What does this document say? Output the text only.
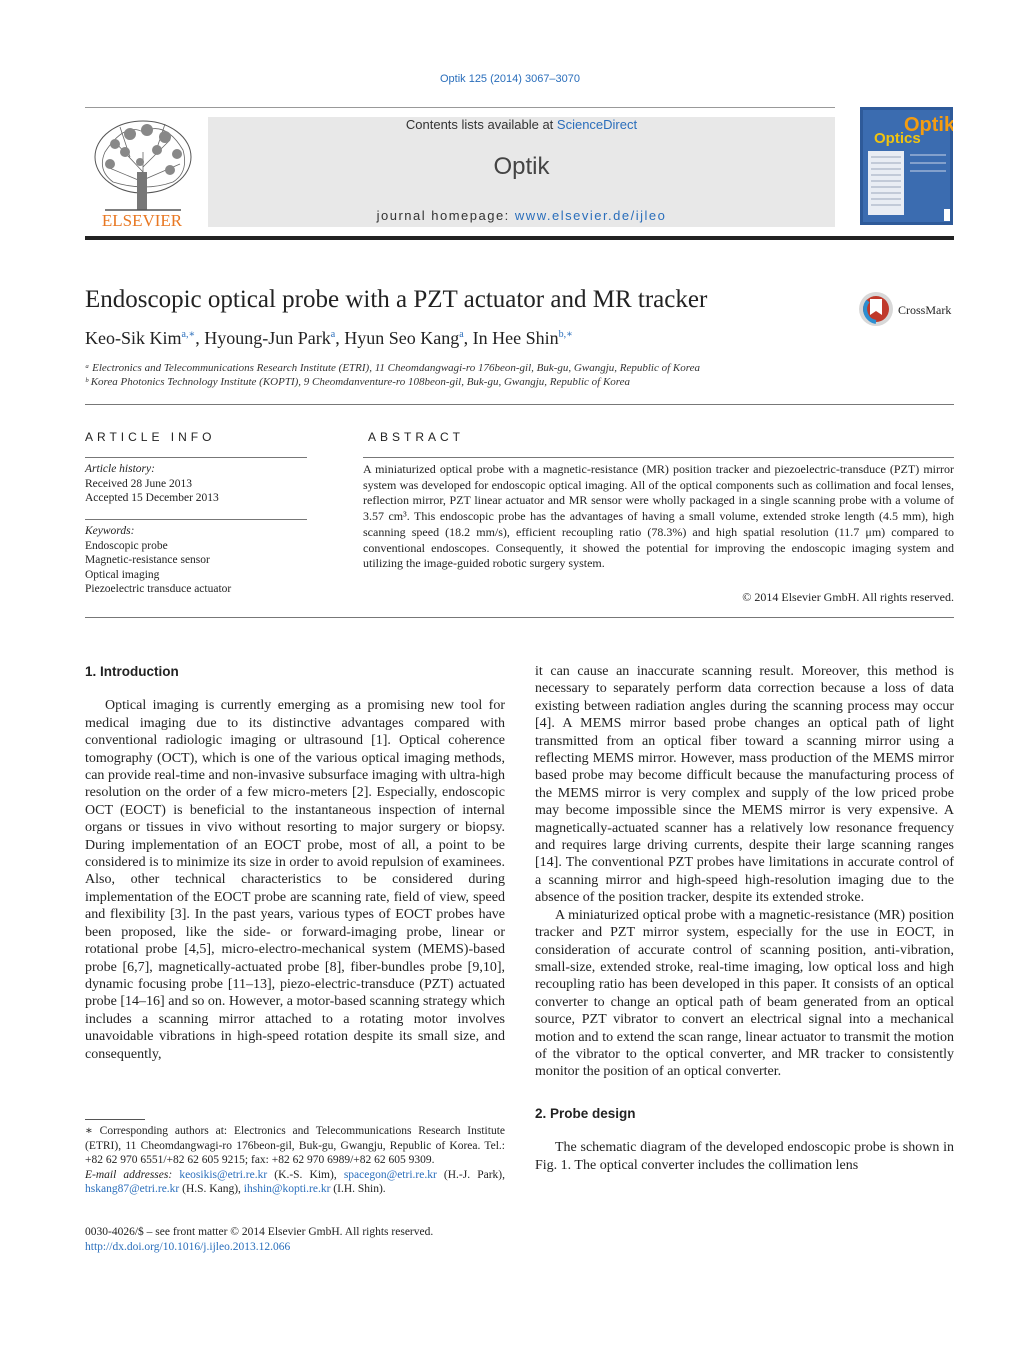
Optik 125 (2014) 3067–3070
ELSEVIER
Contents lists available at ScienceDirect
Optik
journal homepage: www.elsevier.de/ijleo
Optik
Optics
Endoscopic optical probe with a PZT actuator and MR tracker	CrossMark
Keo-Sik Kim$^{a,∗}$, Hyoung-Jun Park$^a$, Hyun Seo Kang$^a$, In Hee Shin$^{b,∗}$
ᵃ Electronics and Telecommunications Research Institute (ETRI), 11 Cheomdangwagi-ro 176beon-gil, Buk-gu, Gwangju, Republic of Korea
ᵇ Korea Photonics Technology Institute (KOPTI), 9 Cheomdanventure-ro 108beon-gil, Buk-gu, Gwangju, Republic of Korea
ARTICLE INFO	ABSTRACT
Article history:
Received 28 June 2013
Accepted 15 December 2013
Keywords:
Endoscopic probe
Magnetic-resistance sensor
Optical imaging
Piezoelectric transduce actuator
A miniaturized optical probe with a magnetic-resistance (MR) position tracker and piezoelectric-transduce (PZT) mirror system was developed for endoscopic optical imaging. All of the optical components such as collimation and focal lenses, reflection mirror, PZT linear actuator and MR sensor were wholly packaged in a single scanning probe with a volume of 3.57 cm³. This endoscopic probe has the advantages of having a small volume, extended stroke length (4.5 mm), high scanning speed (18.2 mm/s), efficient recoupling ratio (78.3%) and high spatial resolution (11.7 μm) compared to conventional endoscopes. Consequently, it showed the potential for improving the endoscopic imaging system and utilizing the image-guided robotic surgery system.
© 2014 Elsevier GmbH. All rights reserved.
1. Introduction

Optical imaging is currently emerging as a promising new tool for medical imaging due to its distinctive advantages compared with conventional radiologic imaging or ultrasound [1]. Optical coherence tomography (OCT), which is one of the various optical imaging methods, can provide real-time and non-invasive subsurface imaging with ultra-high resolution on the order of a few micro-meters [2]. Especially, endoscopic OCT (EOCT) is beneficial to the instantaneous inspection of internal organs or tissues in vivo without resorting to major surgery or biopsy. During implementation of an EOCT probe, most of all, a point to be considered is to minimize its size in order to avoid repulsion of examinees. Also, other technical characteristics to be considered during implementation of the EOCT probe are scanning rate, field of view, speed and flexibility [3]. In the past years, various types of EOCT probes have been proposed, like the side- or forward-imaging probe, linear or rotational probe [4,5], micro-electro-mechanical system (MEMS)-based probe [6,7], magnetically-actuated probe [8], fiber-bundles probe [9,10], dynamic focusing probe [11–13], piezo-electric-transduce (PZT) actuated probe [14–16] and so on. However, a motor-based scanning strategy which includes a scanning mirror attached to a rotating motor involves unavoidable vibrations in high-speed rotation despite its small size, and consequently,

it can cause an inaccurate scanning result. Moreover, this method is necessary to separately perform data correction because a loss of data existing between radiation angles during the scanning process may occur [4]. A MEMS mirror based probe changes an optical path of light transmitted from an optical fiber toward a scanning mirror using a reflecting MEMS mirror. However, mass production of the MEMS mirror based probe may become difficult because the manufacturing process of the MEMS mirror is very complex and supply of the low priced probe may become impossible since the MEMS mirror is very expensive. A magnetically-actuated scanner has a relatively low resonance frequency and requires large driving currents, despite their large scanning ranges [14]. The conventional PZT probes have limitations in accurate control of a scanning mirror and high-speed high-resolution imaging due to the absence of the position tracker, despite its extended stroke.

A miniaturized optical probe with a magnetic-resistance (MR) position tracker and PZT mirror system, especially for the use in EOCT, in consideration of accurate control of scanning position, anti-vibration, small-size, extended stroke, real-time imaging, low optical loss and high recoupling ratio has been developed in this paper. It consists of an optical converter to change an optical path of beam generated from an optical source, PZT vibrator to convert an electrical signal into a mechanical motion and to extend the scan range, linear actuator to transmit the motion of the vibrator to the optical converter, and MR tracker to consistently monitor the position of an optical converter.

2. Probe design

The schematic diagram of the developed endoscopic probe is shown in Fig. 1. The optical converter includes the collimation lens

∗ Corresponding authors at: Electronics and Telecommunications Research Institute (ETRI), 11 Cheomdangwagi-ro 176beon-gil, Buk-gu, Gwangju, Republic of Korea. Tel.: +82 62 970 6551/+82 62 605 9215; fax: +82 62 970 6989/+82 62 605 9309.
E-mail addresses: keosikis@etri.re.kr (K.-S. Kim), spacegon@etri.re.kr (H.-J. Park), hskang87@etri.re.kr (H.S. Kang), ihshin@kopti.re.kr (I.H. Shin).
0030-4026/$ – see front matter © 2014 Elsevier GmbH. All rights reserved.
http://dx.doi.org/10.1016/j.ijleo.2013.12.066
